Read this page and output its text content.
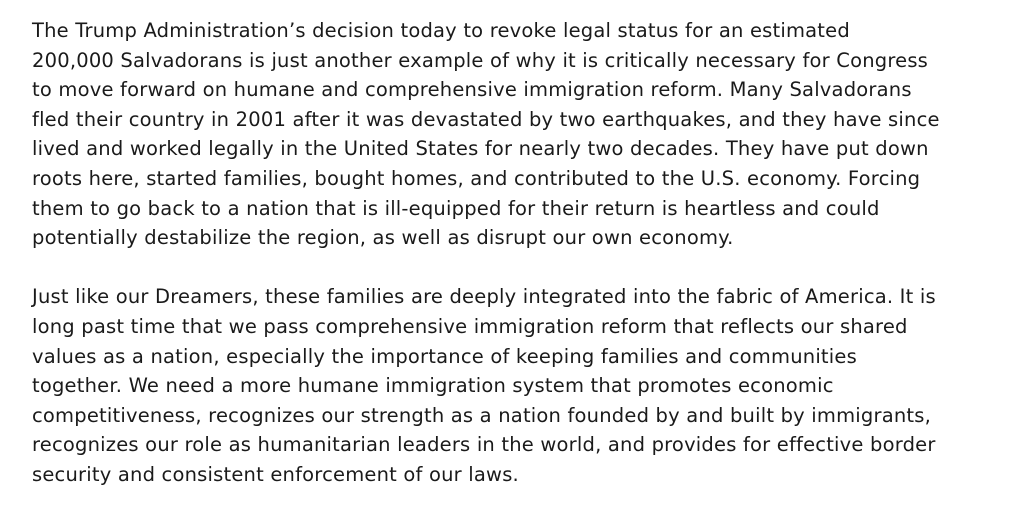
The Trump Administration’s decision today to revoke legal status for an estimated
200,000 Salvadorans is just another example of why it is critically necessary for Congress
to move forward on humane and comprehensive immigration reform. Many Salvadorans
fled their country in 2001 after it was devastated by two earthquakes, and they have since
lived and worked legally in the United States for nearly two decades. They have put down
roots here, started families, bought homes, and contributed to the U.S. economy. Forcing
them to go back to a nation that is ill-equipped for their return is heartless and could
potentially destabilize the region, as well as disrupt our own economy.

Just like our Dreamers, these families are deeply integrated into the fabric of America. It is
long past time that we pass comprehensive immigration reform that reflects our shared
values as a nation, especially the importance of keeping families and communities
together. We need a more humane immigration system that promotes economic
competitiveness, recognizes our strength as a nation founded by and built by immigrants,
recognizes our role as humanitarian leaders in the world, and provides for effective border
security and consistent enforcement of our laws.
